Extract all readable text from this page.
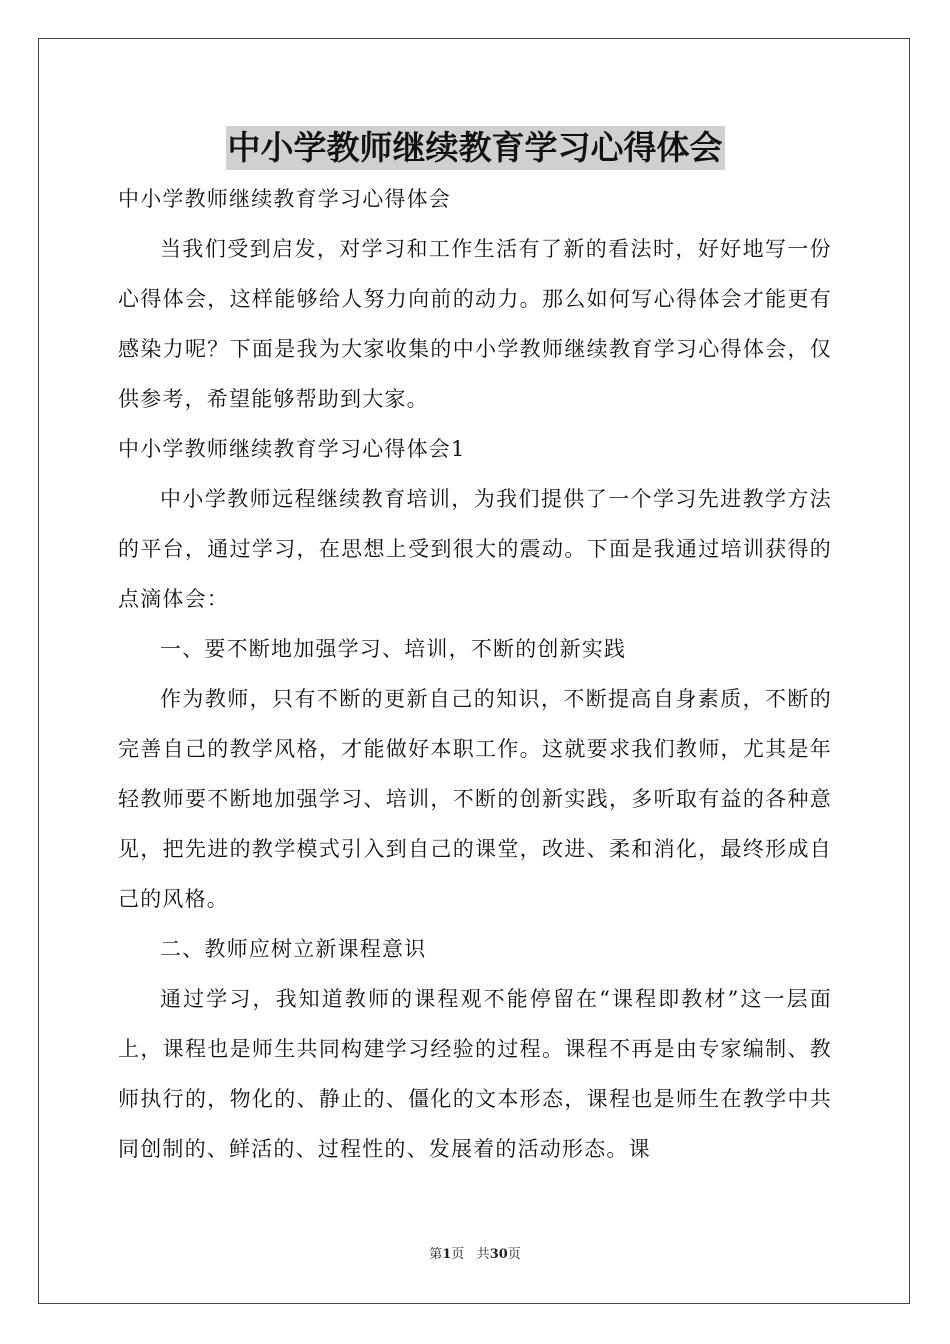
中小学教师继续教育学习心得体会

中小学教师继续教育学习心得体会

当我们受到启发，对学习和工作生活有了新的看法时，好好地写一份心得体会，这样能够给人努力向前的动力。那么如何写心得体会才能更有感染力呢？下面是我为大家收集的中小学教师继续教育学习心得体会，仅供参考，希望能够帮助到大家。

中小学教师继续教育学习心得体会1

中小学教师远程继续教育培训，为我们提供了一个学习先进教学方法的平台，通过学习，在思想上受到很大的震动。下面是我通过培训获得的点滴体会：

一、要不断地加强学习、培训，不断的创新实践

作为教师，只有不断的更新自己的知识，不断提高自身素质，不断的完善自己的教学风格，才能做好本职工作。这就要求我们教师，尤其是年轻教师要不断地加强学习、培训，不断的创新实践，多听取有益的各种意见，把先进的教学模式引入到自己的课堂，改进、柔和消化，最终形成自己的风格。

二、教师应树立新课程意识

通过学习，我知道教师的课程观不能停留在“课程即教材”这一层面上，课程也是师生共同构建学习经验的过程。课程不再是由专家编制、教师执行的，物化的、静止的、僵化的文本形态，课程也是师生在教学中共同创制的、鲜活的、过程性的、发展着的活动形态。课

第1页 共30页
